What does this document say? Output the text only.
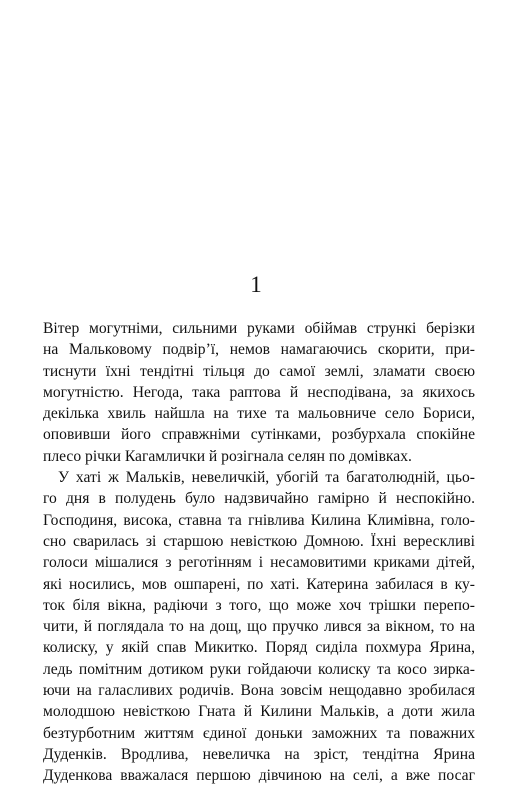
1
Вітер могутніми, сильними руками обіймав стрункі берізки
на Мальковому подвір’ї, немов намагаючись скорити, при-
тиснути їхні тендітні тільця до самої землі, зламати своєю
могутністю. Негода, така раптова й несподівана, за якихось
декілька хвиль найшла на тихе та мальовниче село Бориси,
оповивши його справжніми сутінками, розбурхала спокійне
плесо річки Кагамлички й розігнала селян по домівках.
У хаті ж Мальків, невеличкій, убогій та багатолюдній, цьо-
го дня в полудень було надзвичайно гамірно й неспокійно.
Господиня, висока, ставна та гнівлива Килина Климівна, голо-
сно сварилась зі старшою невісткою Домною. Їхні верескливі
голоси мішалися з реготінням і несамовитими криками дітей,
які носились, мов ошпарені, по хаті. Катерина забилася в ку-
ток біля вікна, радіючи з того, що може хоч трішки перепо-
чити, й поглядала то на дощ, що пручко лився за вікном, то на
колиску, у якій спав Микитко. Поряд сиділа похмура Ярина,
ледь помітним дотиком руки гойдаючи колиску та косо зирка-
ючи на галасливих родичів. Вона зовсім нещодавно зробилася
молодшою невісткою Гната й Килини Мальків, а доти жила
безтурботним життям єдиної доньки заможних та поважних
Дуденків. Вродлива, невеличка на зріст, тендітна Ярина
Дуденкова вважалася першою дівчиною на селі, а вже посаг
